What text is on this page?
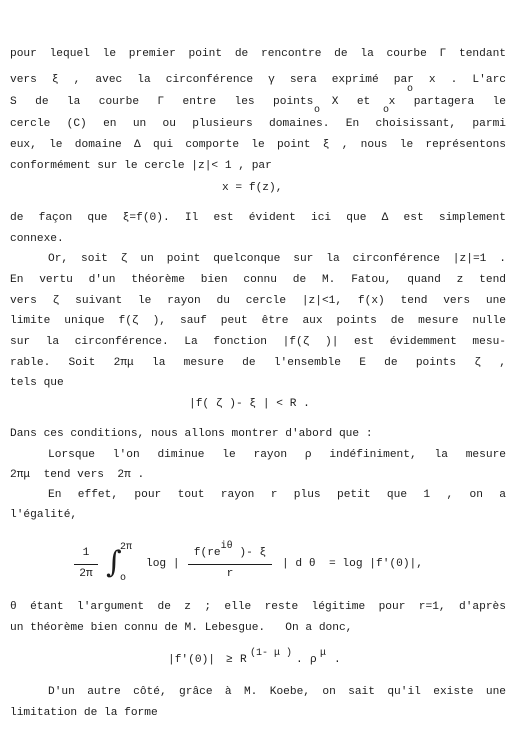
pour lequel le premier point de rencontre de la courbe Γ tendant
vers ξ , avec la circonférence γ sera exprimé par x . L'arc
o
S de la courbe Γ entre les points X et x partagera le
o	o
cercle (C) en un ou plusieurs domaines. En choisissant, parmi
eux, le domaine Δ qui comporte le point ξ , nous le représentons
conformément sur le cercle |z|< 1 , par
x = f(z),
de façon que ξ=f(0). Il est évident ici que Δ est simplement
connexe.
Or, soit ζ un point quelconque sur la circonférence |z|=1 .
En vertu d'un théorème bien connu de M. Fatou, quand z tend
vers ζ suivant le rayon du cercle |z|<1, f(x) tend vers une
limite unique f(ζ ), sauf peut être aux points de mesure nulle
sur la circonférence. La fonction |f(ζ )| est évidemment mesu-
rable. Soit 2πμ la mesure de l'ensemble E de points ζ ,
tels que
|f( ζ )- ξ | < R .
Dans ces conditions, nous allons montrer d'abord que :
Lorsque l'on diminue le rayon ρ indéfiniment, la mesure
2πμ  tend vers  2π .
En effet, pour tout rayon r plus petit que 1 , on a
l'égalité,
$\frac{1}{2\pi}$ ∫
2π
o
log |
f(reiθ )- ξ
r
| d θ  = log |f'(0)|,
θ étant l'argument de z ; elle reste légitime pour r=1, d'après
un théorème bien connu de M. Lebesgue.   On a donc,
|f'(0)| ≥ R
(1- μ )
. ρ
μ
.
D'un autre côté, grâce à M. Koebe, on sait qu'il existe une
limitation de la forme
